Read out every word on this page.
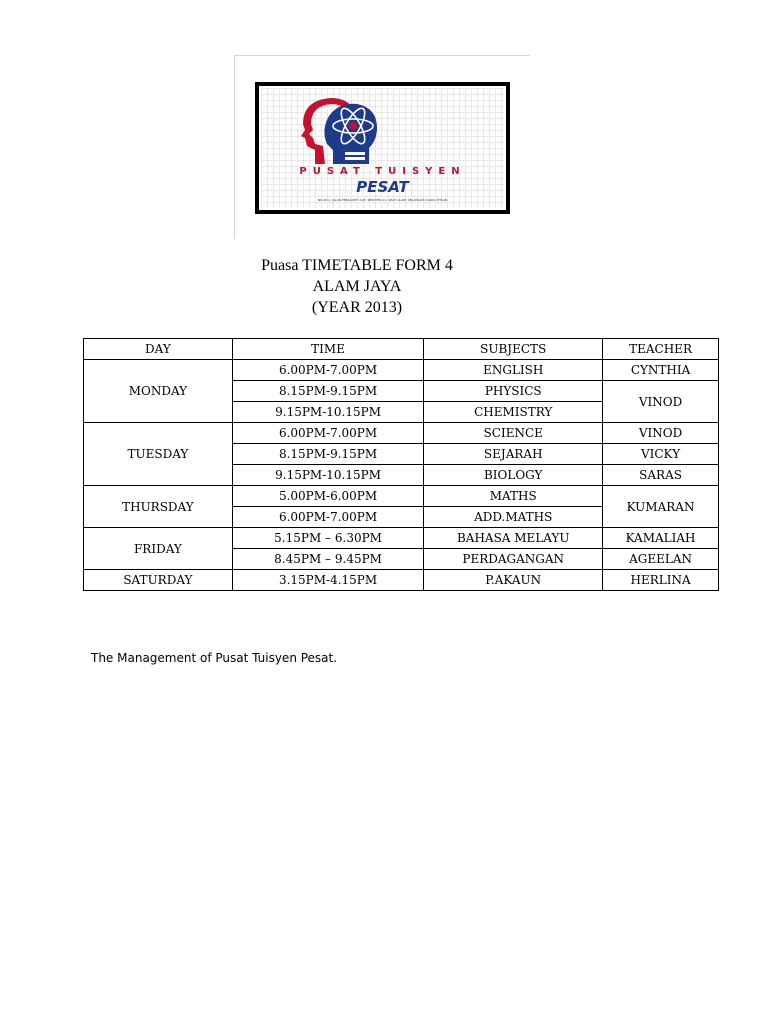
PUSAT TUISYEN
PESAT
NO.28-1, JALAN PERAJURIT U1/E, SEKSYEN U1, SHAH ALAM, SELANGOR DARUL EHSAN
Puasa TIMETABLE FORM 4
ALAM JAYA
(YEAR 2013)
DAY	TIME	SUBJECTS	TEACHER
MONDAY	6.00PM-7.00PM	ENGLISH	CYNTHIA
	8.15PM-9.15PM	PHYSICS	VINOD
	9.15PM-10.15PM	CHEMISTRY	
TUESDAY	6.00PM-7.00PM	SCIENCE	VINOD
	8.15PM-9.15PM	SEJARAH	VICKY
	9.15PM-10.15PM	BIOLOGY	SARAS
THURSDAY	5.00PM-6.00PM	MATHS	KUMARAN
	6.00PM-7.00PM	ADD.MATHS	
FRIDAY	5.15PM – 6.30PM	BAHASA MELAYU	KAMALIAH
	8.45PM – 9.45PM	PERDAGANGAN	AGEELAN
SATURDAY	3.15PM-4.15PM	P.AKAUN	HERLINA
The Management of Pusat Tuisyen Pesat.
